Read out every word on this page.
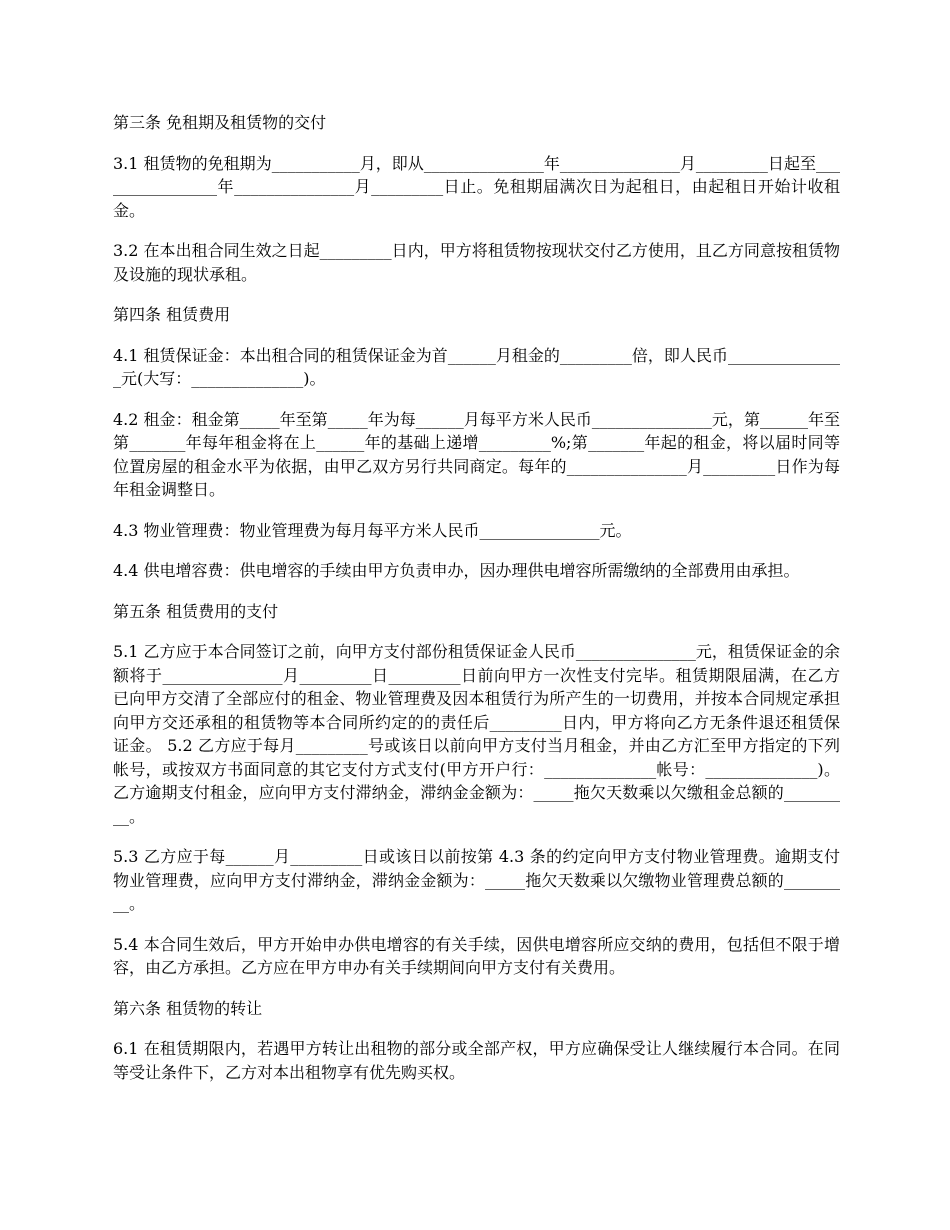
第三条 免租期及租赁物的交付
3.1 租赁物的免租期为___________月，即从_______________年_______________月_________日起至________________年_______________月_________日止。免租期届满次日为起租日，由起租日开始计收租金。
3.2 在本出租合同生效之日起_________日内，甲方将租赁物按现状交付乙方使用，且乙方同意按租赁物及设施的现状承租。
第四条 租赁费用
4.1 租赁保证金：本出租合同的租赁保证金为首______月租金的_________倍，即人民币_______________元(大写：______________)。
4.2 租金：租金第_____年至第_____年为每______月每平方米人民币_______________元，第______年至第_______年每年租金将在上______年的基础上递增_________%;第_______年起的租金，将以届时同等位置房屋的租金水平为依据，由甲乙双方另行共同商定。每年的_______________月_________日作为每年租金调整日。
4.3 物业管理费：物业管理费为每月每平方米人民币_______________元。
4.4 供电增容费：供电增容的手续由甲方负责申办，因办理供电增容所需缴纳的全部费用由承担。
第五条 租赁费用的支付
5.1 乙方应于本合同签订之前，向甲方支付部份租赁保证金人民币_______________元，租赁保证金的余额将于_______________月_________日_________日前向甲方一次性支付完毕。租赁期限届满，在乙方已向甲方交清了全部应付的租金、物业管理费及因本租赁行为所产生的一切费用，并按本合同规定承担向甲方交还承租的租赁物等本合同所约定的的责任后_________日内，甲方将向乙方无条件退还租赁保证金。 5.2 乙方应于每月_________号或该日以前向甲方支付当月租金，并由乙方汇至甲方指定的下列帐号，或按双方书面同意的其它支付方式支付(甲方开户行：______________帐号：______________)。乙方逾期支付租金，应向甲方支付滞纳金，滞纳金金额为：_____拖欠天数乘以欠缴租金总额的_________。
5.3 乙方应于每______月_________日或该日以前按第 4.3 条的约定向甲方支付物业管理费。逾期支付物业管理费，应向甲方支付滞纳金，滞纳金金额为：_____拖欠天数乘以欠缴物业管理费总额的_________。
5.4 本合同生效后，甲方开始申办供电增容的有关手续，因供电增容所应交纳的费用，包括但不限于增容，由乙方承担。乙方应在甲方申办有关手续期间向甲方支付有关费用。
第六条 租赁物的转让
6.1 在租赁期限内，若遇甲方转让出租物的部分或全部产权，甲方应确保受让人继续履行本合同。在同等受让条件下，乙方对本出租物享有优先购买权。
